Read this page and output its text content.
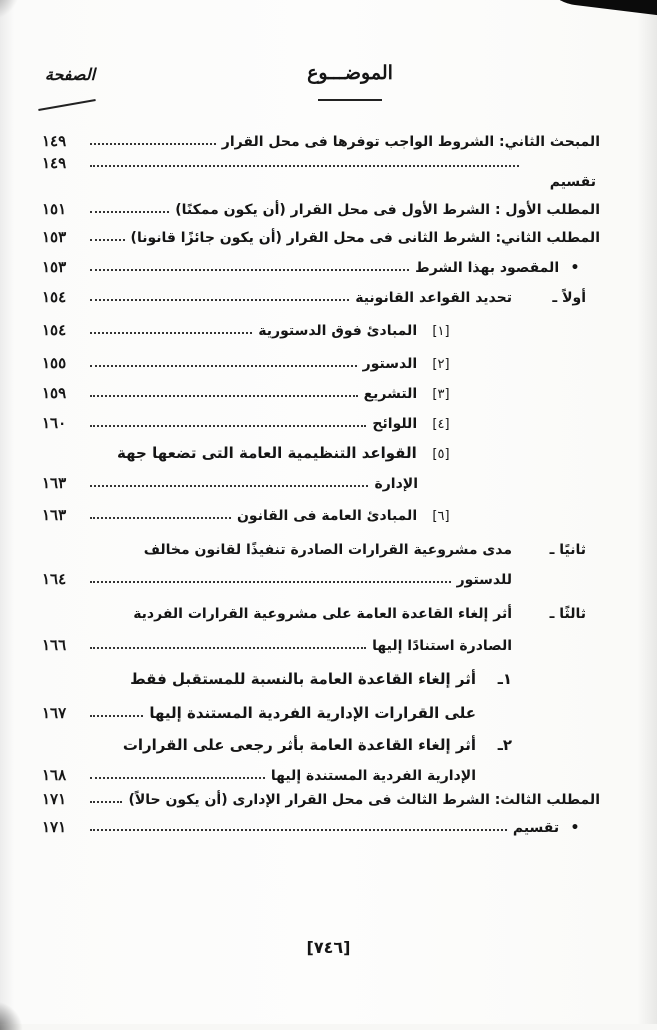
الموضـــوع
الصفحة
المبحث الثاني:

الشروط الواجب توفرها فى محل القرار
١٤٩
١٤٩
تقسيم
المطلب الأول :

الشرط الأول فى محل القرار (أن يكون ممكنًا)
١٥١
المطلب الثاني:

الشرط الثانى فى محل القرار (أن يكون جائزًا قانونا)
١٥٣
•

المقصود بهذا الشرط
١٥٣
أولاً ـ
تحديد القواعد القانونية
١٥٤
[١]

المبادئ فوق الدستورية
١٥٤
[٢]

الدستور
١٥٥
[٣]

التشريع
١٥٩
[٤]

اللوائح
١٦٠
[٥]

القواعد التنظيمية العامة التى تضعها جهة
الإدارة
١٦٣
[٦]

المبادئ العامة فى القانون
١٦٣
ثانيًا ـ
مدى مشروعية القرارات الصادرة تنفيذًا لقانون مخالف
للدستور
١٦٤
ثالثًا ـ
أثر إلغاء القاعدة العامة على مشروعية القرارات الفردية
الصادرة استنادًا إليها
١٦٦
١ـ
أثر إلغاء القاعدة العامة بالنسبة للمستقبل فقط
على القرارات الإدارية الفردية المستندة إليها
١٦٧
٢ـ
أثر إلغاء القاعدة العامة بأثر رجعى على القرارات
الإدارية الفردية المستندة إليها
١٦٨
المطلب الثالث:

الشرط الثالث فى محل القرار الإدارى (أن يكون حالاً)
١٧١
•

تقسيم
١٧١
[٧٤٦]
